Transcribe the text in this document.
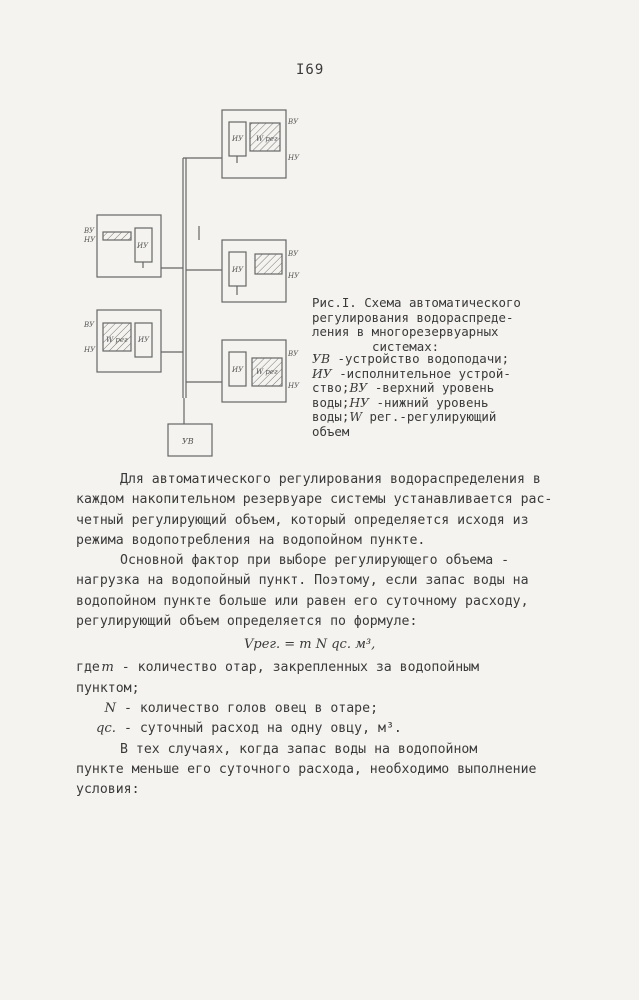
I69
ВУ
НУ
ИУ W рег
ВУ
НУ
ИУ
ВУ
НУ
ИУ
W рег
ВУ
НУ
ИУ
ВУ
НУ
ИУ W рег
УВ
Рис.I. Схема автоматического
регулирования водораспреде-
ления в многорезервуарных
системах:
УВ -устройство водоподачи;
ИУ -исполнительное устрой-
ство;ВУ -верхний уровень
воды;НУ -нижний уровень
воды;W рег.-регулирующий
объем
Для автоматического регулирования водораспределения в
каждом накопительном резервуаре системы устанавливается рас-
четный регулирующий объем, который определяется исходя из
режима водопотребления на водопойном пункте.
Основной фактор при выборе регулирующего объема -
нагрузка на водопойный пункт. Поэтому, если запас воды на
водопойном пункте больше или равен его суточному расходу,
регулирующий объем определяется по формуле:
Vрег. = m N qс. м³,
гдеm - количество отар, закрепленных за водопойным
пунктом;
N - количество голов овец в отаре;
qс. - суточный расход на одну овцу, м³.
В тех случаях, когда запас воды на водопойном
пункте меньше его суточного расхода, необходимо выполнение
условия:
